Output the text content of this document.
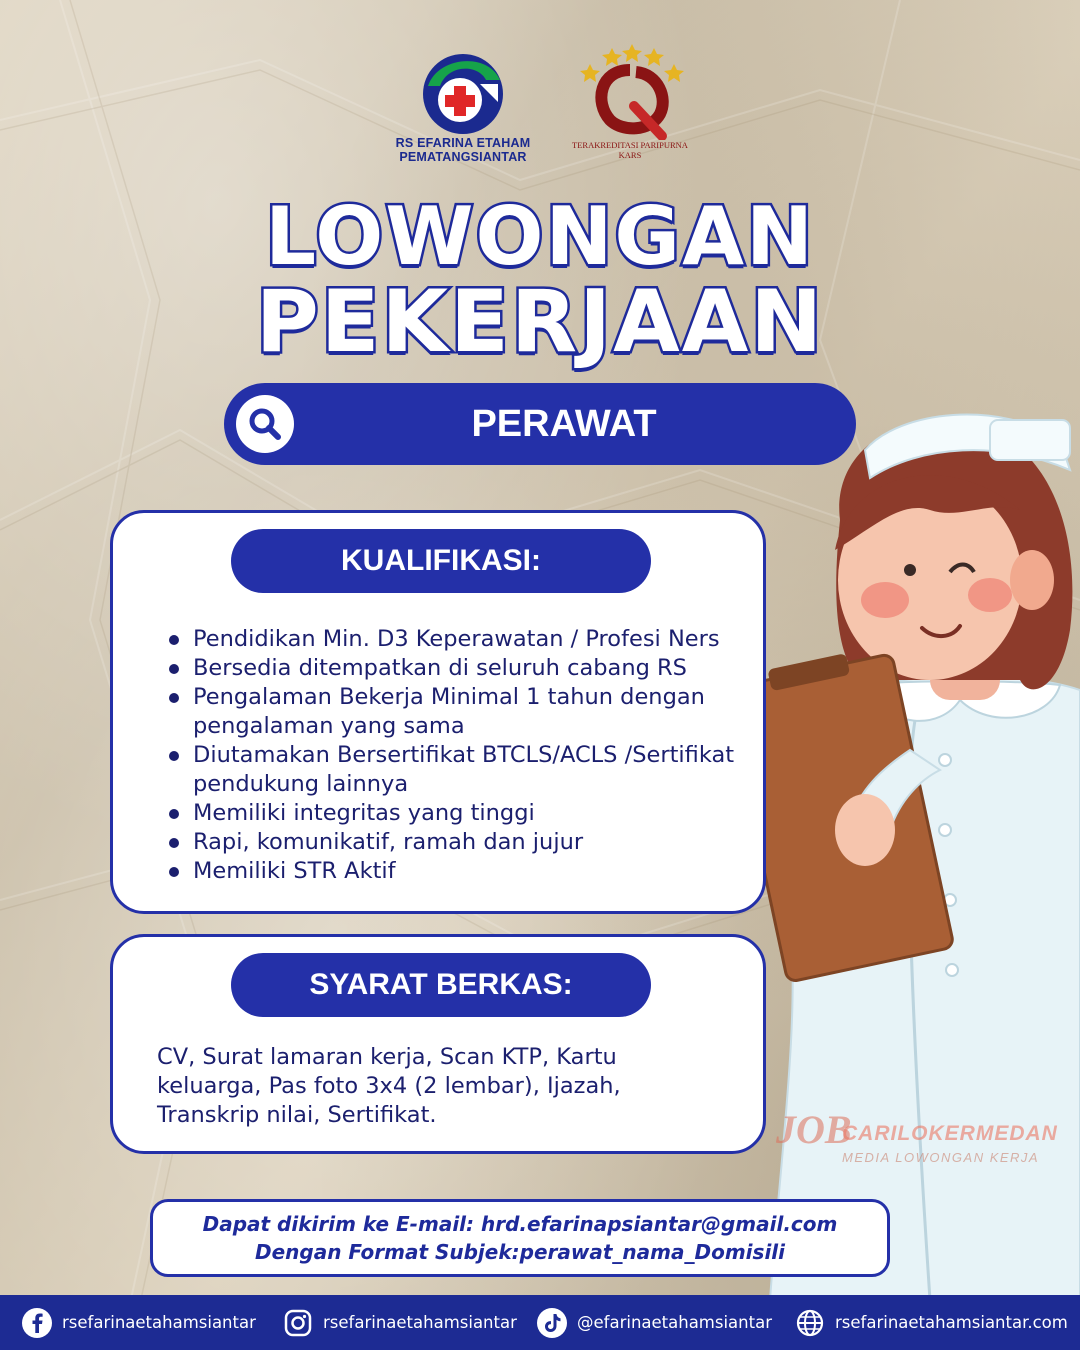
RS EFARINA ETAHAM
PEMATANGSIANTAR
TERAKREDITASI PARIPURNA
KARS
LOWONGAN
PEKERJAAN
PERAWAT
KUALIFIKASI:
Pendidikan Min. D3 Keperawatan / Profesi Ners
Bersedia ditempatkan di seluruh cabang RS
Pengalaman Bekerja Minimal 1 tahun dengan pengalaman yang sama
Diutamakan Bersertifikat BTCLS/ACLS /Sertifikat pendukung lainnya
Memiliki integritas yang tinggi
Rapi, komunikatif, ramah dan jujur
Memiliki STR Aktif
SYARAT BERKAS:
CV, Surat lamaran kerja, Scan KTP, Kartu keluarga, Pas foto 3x4 (2 lembar), Ijazah, Transkrip nilai, Sertifikat.	JOB
CARILOKERMEDAN
MEDIA LOWONGAN KERJA
Dapat dikirim ke E-mail: hrd.efarinapsiantar@gmail.com
Dengan Format Subjek:perawat_nama_Domisili
rsefarinaetahamsiantar	rsefarinaetahamsiantar	@efarinaetahamsiantar	rsefarinaetahamsiantar.com
